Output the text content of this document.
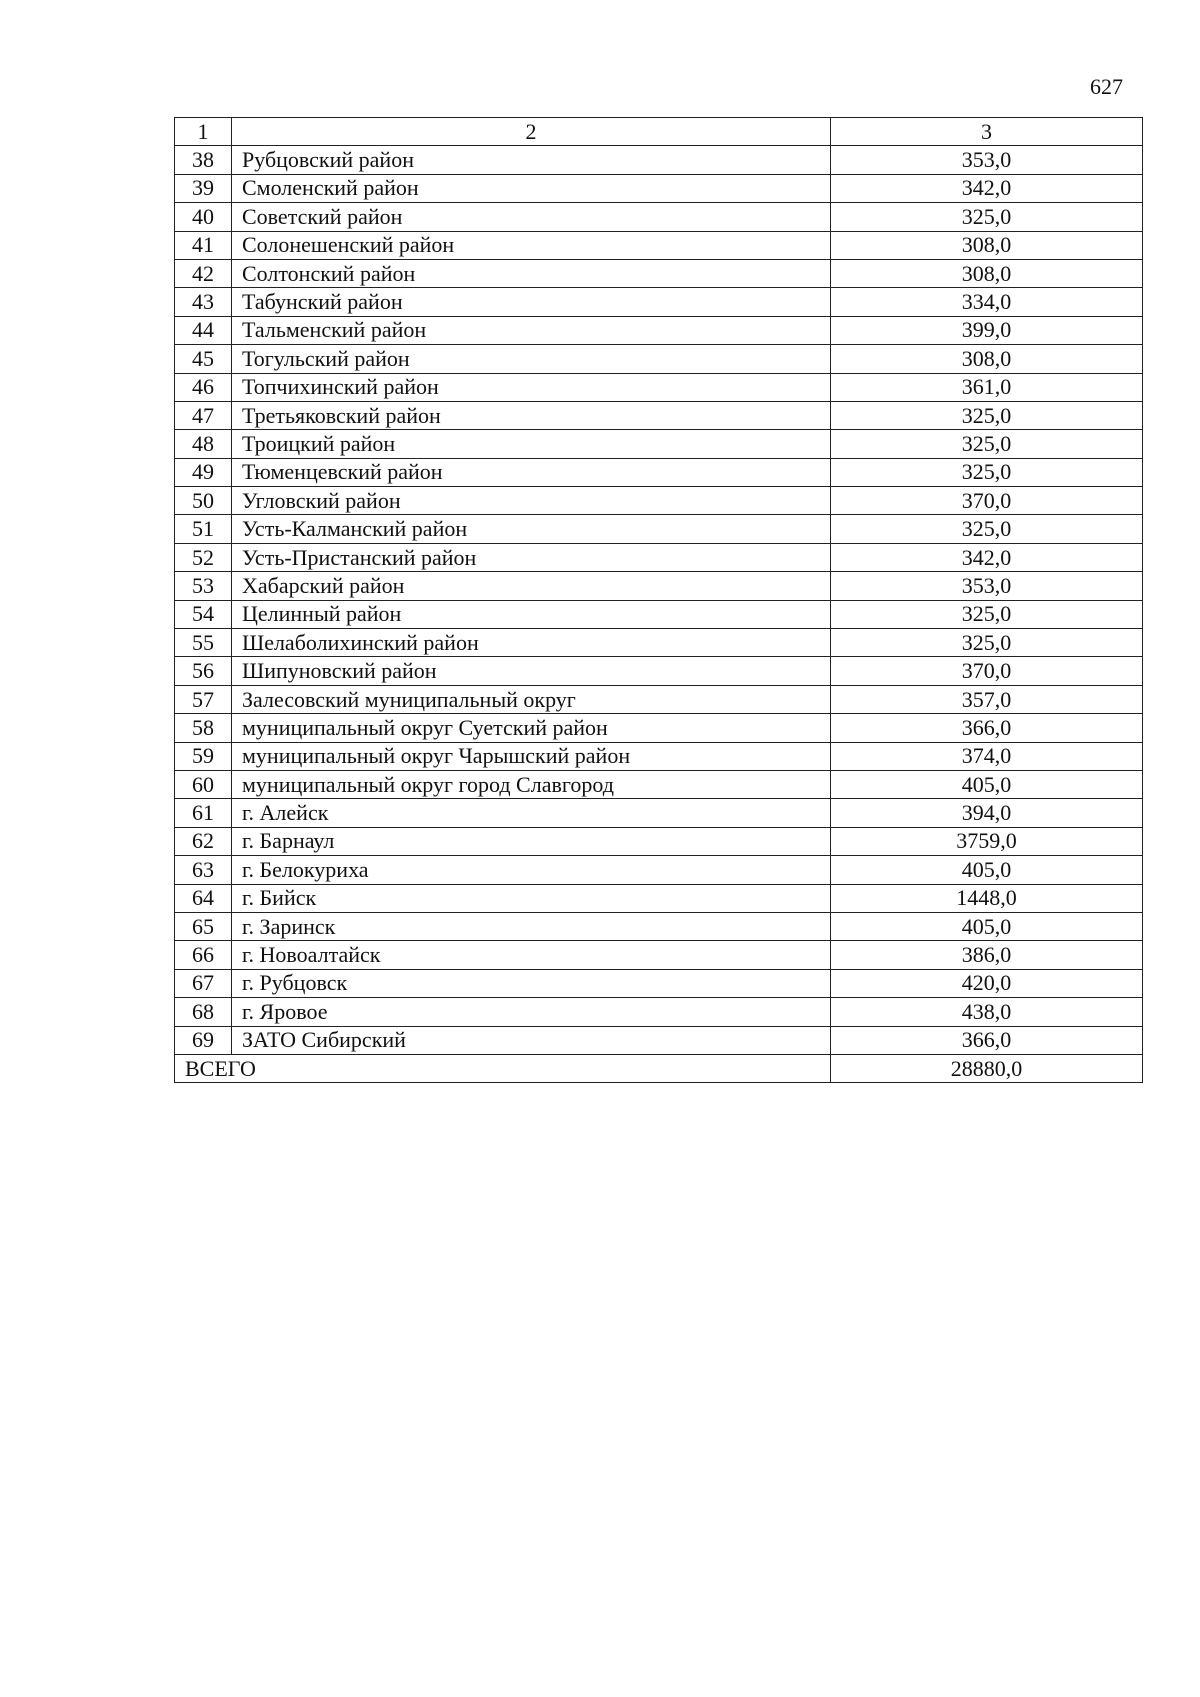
627
1	2	3
38	Рубцовский район	353,0
39	Смоленский район	342,0
40	Советский район	325,0
41	Солонешенский район	308,0
42	Солтонский район	308,0
43	Табунский район	334,0
44	Тальменский район	399,0
45	Тогульский район	308,0
46	Топчихинский район	361,0
47	Третьяковский район	325,0
48	Троицкий район	325,0
49	Тюменцевский район	325,0
50	Угловский район	370,0
51	Усть-Калманский район	325,0
52	Усть-Пристанский район	342,0
53	Хабарский район	353,0
54	Целинный район	325,0
55	Шелаболихинский район	325,0
56	Шипуновский район	370,0
57	Залесовский муниципальный округ	357,0
58	муниципальный округ Суетский район	366,0
59	муниципальный округ Чарышский район	374,0
60	муниципальный округ город Славгород	405,0
61	г. Алейск	394,0
62	г. Барнаул	3759,0
63	г. Белокуриха	405,0
64	г. Бийск	1448,0
65	г. Заринск	405,0
66	г. Новоалтайск	386,0
67	г. Рубцовск	420,0
68	г. Яровое	438,0
69	ЗАТО Сибирский	366,0
ВСЕГО		28880,0
